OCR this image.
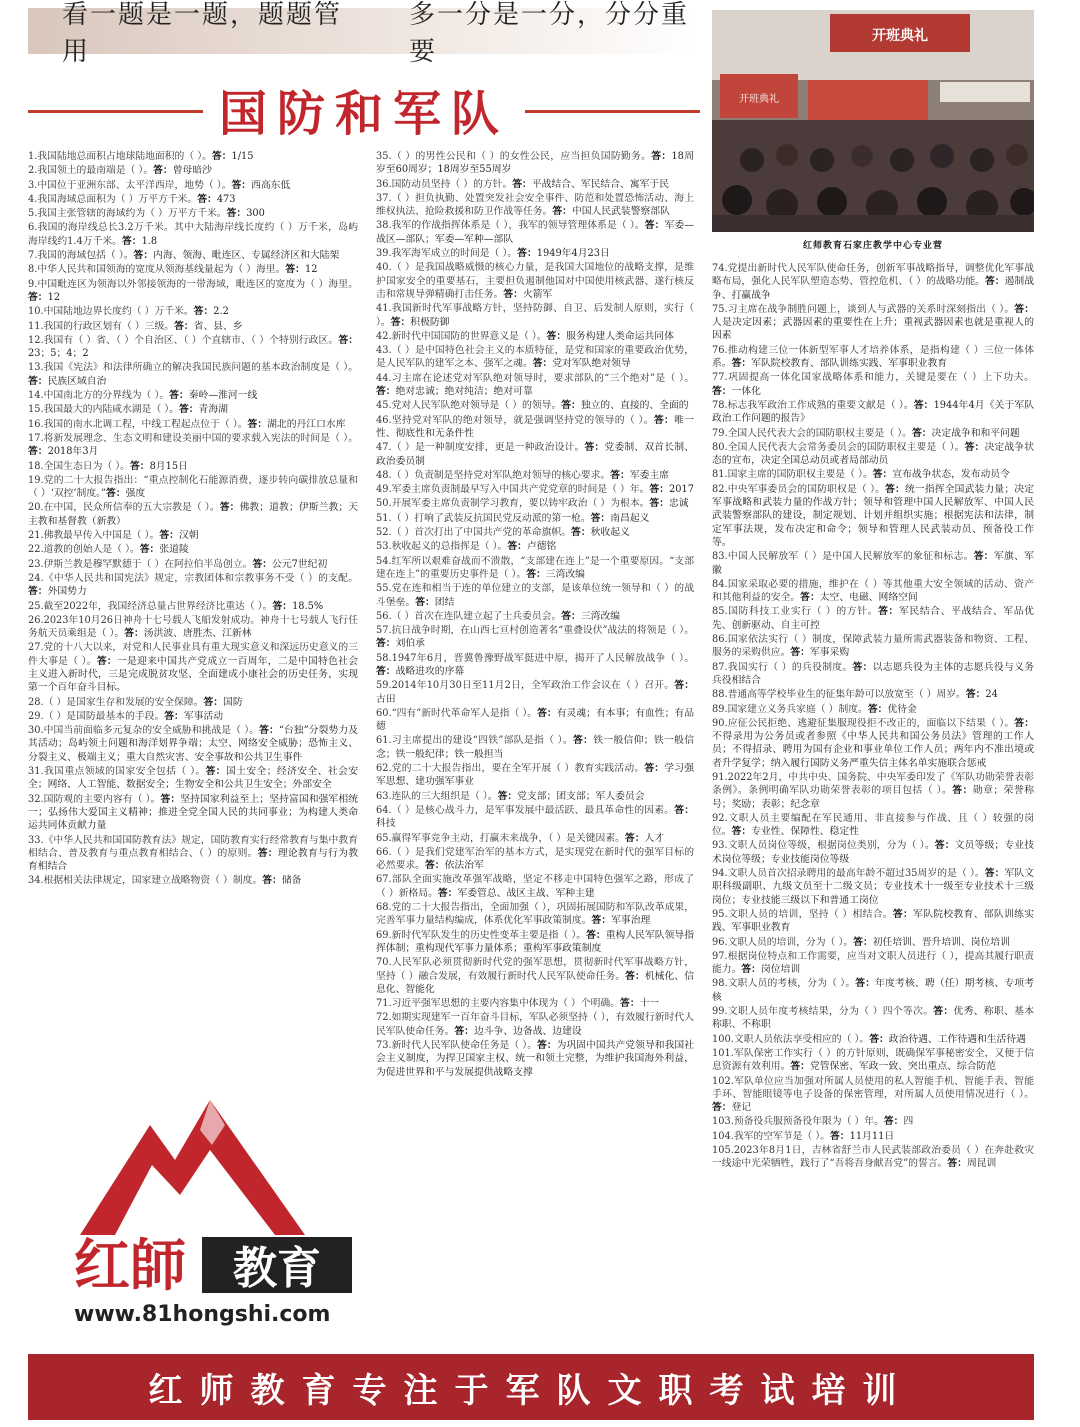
看一题是一题，题题管用
多一分是一分，分分重要
国防和军队
开班典礼
开班典礼
红师教育石家庄教学中心专业营

1.我国陆地总面积占地球陆地面积的（ ）。答：1/15

2.我国领土的最南端是（ ）。答：曾母暗沙

3.中国位于亚洲东部、太平洋西岸，地势（ ）。答：西高东低

4.我国海域总面积为（ ）万平方千米。答：473

5.我国主张管辖的海域约为（ ）万平方千米。答：300

6.我国的海岸线总长3.2万千米。其中大陆海岸线长度约（ ）万千米，岛屿海岸线约1.4万千米。答：1.8

7.我国的海域包括（ ）。答：内海、领海、毗连区、专属经济区和大陆架

8.中华人民共和国领海的宽度从领海基线量起为（ ）海里。答：12

9.中国毗连区为领海以外邻接领海的一带海域，毗连区的宽度为（ ）海里。答：12

10.中国陆地边界长度约（ ）万千米。答：2.2

11.我国的行政区划有（ ）三级。答：省、县、乡

12.我国有（ ）省、（ ）个自治区、（ ）个直辖市、（ ）个特别行政区。答：23；5；4；2

13.我国《宪法》和法律所确立的解决我国民族问题的基本政治制度是（ ）。答：民族区域自治

14.中国南北方的分界线为（ ）。答：秦岭—淮河一线

15.我国最大的内陆咸水湖是（ ）。答：青海湖

16.我国的南水北调工程，中线工程起点位于（ ）。答：湖北的丹江口水库

17.将新发展理念、生态文明和建设美丽中国的要求载入宪法的时间是（ ）。答：2018年3月

18.全国生态日为（ ）。答：8月15日

19.党的二十大报告指出：“重点控制化石能源消费，逐步转向碳排放总量和（ ）‘双控’制度。”答：强度

20.在中国，民众所信奉的五大宗教是（ ）。答：佛教；道教；伊斯兰教；天主教和基督教（新教）

21.佛教最早传入中国是（ ）。答：汉朝

22.道教的创始人是（ ）。答：张道陵

23.伊斯兰教是穆罕默德于（ ）在阿拉伯半岛创立。答：公元7世纪初

24.《中华人民共和国宪法》规定，宗教团体和宗教事务不受（ ）的支配。答：外国势力

25.截至2022年，我国经济总量占世界经济比重达（ ）。答：18.5%

26.2023年10月26日神舟十七号载人飞船发射成功。神舟十七号载人飞行任务航天员乘组是（ ）。答：汤洪波、唐胜杰、江新林

27.党的十八大以来，对党和人民事业具有重大现实意义和深远历史意义的三件大事是（ ）。答：一是迎来中国共产党成立一百周年，二是中国特色社会主义进入新时代，三是完成脱贫攻坚、全面建成小康社会的历史任务，实现第一个百年奋斗目标。

28.（ ）是国家生存和发展的安全保障。答：国防

29.（ ）是国防最基本的手段。答：军事活动

30.中国当前面临多元复杂的安全威胁和挑战是（ ）。答：“台独”分裂势力及其活动；岛屿领土问题和海洋划界争端；太空、网络安全威胁；恐怖主义、分裂主义、极端主义；重大自然灾害、安全事故和公共卫生事件

31.我国重点领域的国家安全包括（ ）。答：国土安全；经济安全、社会安全；网络、人工智能、数据安全；生物安全和公共卫生安全；外部安全

32.国防观的主要内容有（ ）。答：坚持国家利益至上；坚持富国和强军相统一；弘扬伟大爱国主义精神；推进全党全国人民的共同事业；为构建人类命运共同体贡献力量

33.《中华人民共和国国防教育法》规定，国防教育实行经常教育与集中教育相结合、普及教育与重点教育相结合、（ ）的原则。答：理论教育与行为教育相结合

34.根据相关法律规定，国家建立战略物资（ ）制度。答：储备

35.（ ）的男性公民和（ ）的女性公民，应当担负国防勤务。答：18周岁至60周岁；18周岁至55周岁

36.国防动员坚持（ ）的方针。答：平战结合、军民结合、寓军于民

37.（ ）担负执勤、处置突发社会安全事件、防范和处置恐怖活动、海上维权执法、抢险救援和防卫作战等任务。答：中国人民武装警察部队

38.我军的作战指挥体系是（ ），我军的领导管理体系是（ ）。答：军委—战区—部队；军委—军种—部队

39.我军海军成立的时间是（ ）。答：1949年4月23日

40.（ ）是我国战略威慑的核心力量，是我国大国地位的战略支撑，是维护国家安全的重要基石，主要担负遏制他国对中国使用核武器、遂行核反击和常规导弹精确打击任务。答：火箭军

41.我国新时代军事战略方针，坚持防御、自卫、后发制人原则，实行（ ）。答：积极防御

42.新时代中国国防的世界意义是（ ）。答：服务构建人类命运共同体

43.（ ）是中国特色社会主义的本质特征，是党和国家的重要政治优势，是人民军队的建军之本、强军之魂。答：党对军队绝对领导

44.习主席在论述党对军队绝对领导时，要求部队的“三个绝对”是（ ）。答：绝对忠诚；绝对纯洁；绝对可靠

45.党对人民军队绝对领导是（ ）的领导。答：独立的、直接的、全面的

46.坚持党对军队的绝对领导，就是强调坚持党的领导的（ ）。答：唯一性、彻底性和无条件性

47.（ ）是一种制度安排，更是一种政治设计。答：党委制、双首长制、政治委员制

48.（ ）负责制是坚持党对军队绝对领导的核心要求。答：军委主席

49.军委主席负责制最早写入中国共产党党章的时间是（ ）年。答：2017

50.开展军委主席负责制学习教育，要以铸牢政治（ ）为根本。答：忠诚

51.（ ）打响了武装反抗国民党反动派的第一枪。答：南昌起义

52.（ ）首次打出了中国共产党的革命旗帜。答：秋收起义

53.秋收起义的总指挥是（ ）。答：卢德铭

54.红军所以艰难奋战而不溃散，“支部建在连上”是一个重要原因。“支部建在连上”的重要历史事件是（ ）。答：三湾改编

55.党在连和相当于连的单位建立的支部，是该单位统一领导和（ ）的战斗堡垒。答：团结

56.（ ）首次在连队建立起了士兵委员会。答：三湾改编

57.抗日战争时期，在山西七亘村创造著名“重叠设伏”战法的将领是（ ）。答：刘伯承

58.1947年6月，晋冀鲁豫野战军挺进中原，揭开了人民解放战争（ ）。答：战略进攻的序幕

59.2014年10月30日至11月2日，全军政治工作会议在（ ）召开。答：古田

60.“四有”新时代革命军人是指（ ）。答：有灵魂；有本事；有血性；有品德

61.习主席提出的建设“四铁”部队是指（ ）。答：铁一般信仰；铁一般信念；铁一般纪律；铁一般担当

62.党的二十大报告指出，要在全军开展（ ）教育实践活动。答：学习强军思想、建功强军事业

63.连队的三大组织是（ ）。答：党支部；团支部；军人委员会

64.（ ）是核心战斗力，是军事发展中最活跃、最具革命性的因素。答：科技

65.赢得军事竞争主动，打赢未来战争，（ ）是关键因素。答：人才

66.（ ）是我们党建军治军的基本方式，是实现党在新时代的强军目标的必然要求。答：依法治军

67.部队全面实施改革强军战略，坚定不移走中国特色强军之路，形成了（ ）新格局。答：军委管总、战区主战、军种主建

68.党的二十大报告指出，全面加强（ ），巩固拓展国防和军队改革成果，完善军事力量结构编成，体系优化军事政策制度。答：军事治理

69.新时代军队发生的历史性变革主要是指（ ）。答：重构人民军队领导指挥体制；重构现代军事力量体系；重构军事政策制度

70.人民军队必须贯彻新时代党的强军思想，贯彻新时代军事战略方针，坚持（ ）融合发展，有效履行新时代人民军队使命任务。答：机械化、信息化、智能化

71.习近平强军思想的主要内容集中体现为（ ）个明确。答：十一

72.如期实现建军一百年奋斗目标，军队必须坚持（ ），有效履行新时代人民军队使命任务。答：边斗争、边备战、边建设

73.新时代人民军队使命任务是（ ）。答：为巩固中国共产党领导和我国社会主义制度，为捍卫国家主权、统一和领土完整，为维护我国海外利益，为促进世界和平与发展提供战略支撑

74.党提出新时代人民军队使命任务，创新军事战略指导，调整优化军事战略布局，强化人民军队塑造态势、管控危机、（ ）的战略功能。答：遏制战争、打赢战争

75.习主席在战争制胜问题上，谈到人与武器的关系时深刻指出（ ）。答：人是决定因素；武器因素的重要性在上升；重视武器因素也就是重视人的因素

76.推动构建三位一体新型军事人才培养体系，是指构建（ ）三位一体体系。答：军队院校教育、部队训练实践、军事职业教育

77.巩固提高一体化国家战略体系和能力，关键是要在（ ）上下功夫。答：一体化

78.标志我军政治工作成熟的重要文献是（ ）。答：1944年4月《关于军队政治工作问题的报告》

79.全国人民代表大会的国防职权主要是（ ）。答：决定战争和和平问题

80.全国人民代表大会常务委员会的国防职权主要是（ ）。答：决定战争状态的宣布，决定全国总动员或者局部动员

81.国家主席的国防职权主要是（ ）。答：宣布战争状态，发布动员令

82.中央军事委员会的国防职权是（ ）。答：统一指挥全国武装力量；决定军事战略和武装力量的作战方针；领导和管理中国人民解放军、中国人民武装警察部队的建设，制定规划、计划并组织实施；根据宪法和法律，制定军事法规，发布决定和命令；领导和管理人民武装动员、预备役工作等。

83.中国人民解放军（ ）是中国人民解放军的象征和标志。答：军旗、军徽

84.国家采取必要的措施，维护在（ ）等其他重大安全领域的活动、资产和其他利益的安全。答：太空、电磁、网络空间

85.国防科技工业实行（ ）的方针。答：军民结合、平战结合、军品优先、创新驱动、自主可控

86.国家依法实行（ ）制度，保障武装力量所需武器装备和物资、工程、服务的采购供应。答：军事采购

87.我国实行（ ）的兵役制度。答：以志愿兵役为主体的志愿兵役与义务兵役相结合

88.普通高等学校毕业生的征集年龄可以放宽至（ ）周岁。答：24

89.国家建立义务兵家庭（ ）制度。答：优待金

90.应征公民拒绝、逃避征集服现役拒不改正的，面临以下结果（ ）。答：不得录用为公务员或者参照《中华人民共和国公务员法》管理的工作人员；不得招录、聘用为国有企业和事业单位工作人员；两年内不准出境或者升学复学；纳入履行国防义务严重失信主体名单实施联合惩戒

91.2022年2月，中共中央、国务院、中央军委印发了《军队功勋荣誉表彰条例》。条例明确军队功勋荣誉表彰的项目包括（ ）。答：勋章；荣誉称号；奖励；表彰；纪念章

92.文职人员主要编配在军民通用、非直接参与作战、且（ ）较强的岗位。答：专业性、保障性、稳定性

93.文职人员岗位等级，根据岗位类别，分为（ ）。答：文员等级；专业技术岗位等级；专业技能岗位等级

94.文职人员首次招录聘用的最高年龄不超过35周岁的是（ ）。答：军队文职科级副职、九级文员至十二级文员；专业技术十一级至专业技术十三级岗位；专业技能三级以下和普通工岗位

95.文职人员的培训，坚持（ ）相结合。答：军队院校教育、部队训练实践、军事职业教育

96.文职人员的培训，分为（ ）。答：初任培训、晋升培训、岗位培训

97.根据岗位特点和工作需要，应当对文职人员进行（ ），提高其履行职责能力。答：岗位培训

98.文职人员的考核，分为（ ）。答：年度考核、聘（任）期考核、专项考核

99.文职人员年度考核结果，分为（ ）四个等次。答：优秀、称职、基本称职、不称职

100.文职人员依法享受相应的（ ）。答：政治待遇、工作待遇和生活待遇

101.军队保密工作实行（ ）的方针原则，既确保军事秘密安全，又便于信息资源有效利用。答：党管保密、军政一致、突出重点、综合防范

102.军队单位应当加强对所属人员使用的私人智能手机、智能手表、智能手环、智能眼镜等电子设备的保密管理，对所属人员使用情况进行（ ）。答：登记

103.预备役兵服预备役年限为（ ）年。答：四

104.我军的空军节是（ ）。答：11月11日

105.2023年8月1日，吉林省舒兰市人民武装部政治委员（ ）在奔赴救灾一线途中光荣牺牲，践行了“吾将吾身献吾党”的誓言。答：周昆训

红師 教育
www.81hongshi.com
红师教育专注于军队文职考试培训
